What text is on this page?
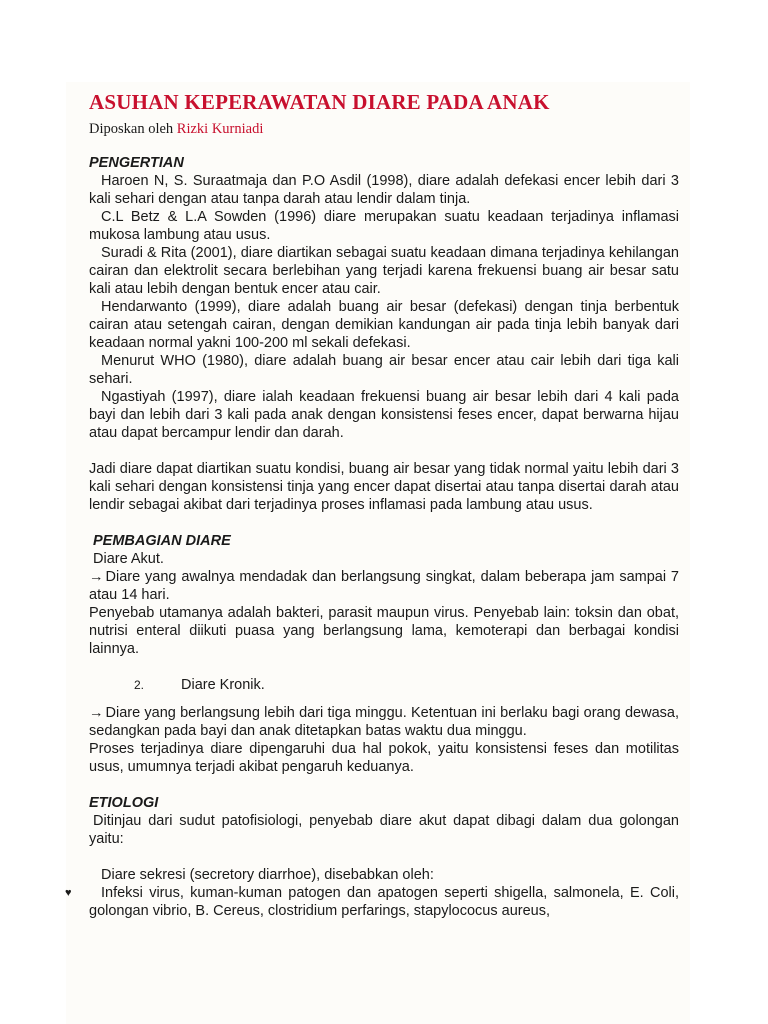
ASUHAN KEPERAWATAN DIARE PADA ANAK

Diposkan oleh Rizki Kurniadi

PENGERTIAN

Haroen N, S. Suraatmaja dan P.O Asdil (1998), diare adalah defekasi encer lebih dari 3 kali sehari dengan atau tanpa darah atau lendir dalam tinja.

C.L Betz & L.A Sowden (1996) diare merupakan suatu keadaan terjadinya inflamasi mukosa lambung atau usus.

Suradi & Rita (2001), diare diartikan sebagai suatu keadaan dimana terjadinya kehilangan cairan dan elektrolit secara berlebihan yang terjadi karena frekuensi buang air besar satu kali atau lebih dengan bentuk encer atau cair.

Hendarwanto (1999), diare adalah buang air besar (defekasi) dengan tinja berbentuk cairan atau setengah cairan, dengan demikian kandungan air pada tinja lebih banyak dari keadaan normal yakni 100-200 ml sekali defekasi.

Menurut WHO (1980), diare adalah buang air besar encer atau cair lebih dari tiga kali sehari.

Ngastiyah (1997), diare ialah keadaan frekuensi buang air besar lebih dari 4 kali pada bayi dan lebih dari 3 kali pada anak dengan konsistensi feses encer, dapat berwarna hijau atau dapat bercampur lendir dan darah.

Jadi diare dapat diartikan suatu kondisi, buang air besar yang tidak normal yaitu lebih dari 3 kali sehari dengan konsistensi tinja yang encer dapat disertai atau tanpa disertai darah atau lendir sebagai akibat dari terjadinya proses inflamasi pada lambung atau usus.

PEMBAGIAN DIARE

Diare Akut.

→ Diare yang awalnya mendadak dan berlangsung singkat, dalam beberapa jam sampai 7 atau 14 hari.

Penyebab utamanya adalah bakteri, parasit maupun virus. Penyebab lain: toksin dan obat, nutrisi enteral diikuti puasa yang berlangsung lama, kemoterapi dan berbagai kondisi lainnya.

2.	Diare Kronik.

→ Diare yang berlangsung lebih dari tiga minggu. Ketentuan ini berlaku bagi orang dewasa, sedangkan pada bayi dan anak ditetapkan batas waktu dua minggu.

Proses terjadinya diare dipengaruhi dua hal pokok, yaitu konsistensi feses dan motilitas usus, umumnya terjadi akibat pengaruh keduanya.

ETIOLOGI

Ditinjau dari sudut patofisiologi, penyebab diare akut dapat dibagi dalam dua golongan yaitu:

Diare sekresi (secretory diarrhoe), disebabkan oleh:

♥	Infeksi virus, kuman-kuman patogen dan apatogen seperti shigella, salmonela, E. Coli, golongan vibrio, B. Cereus, clostridium perfarings, stapylococus aureus,
